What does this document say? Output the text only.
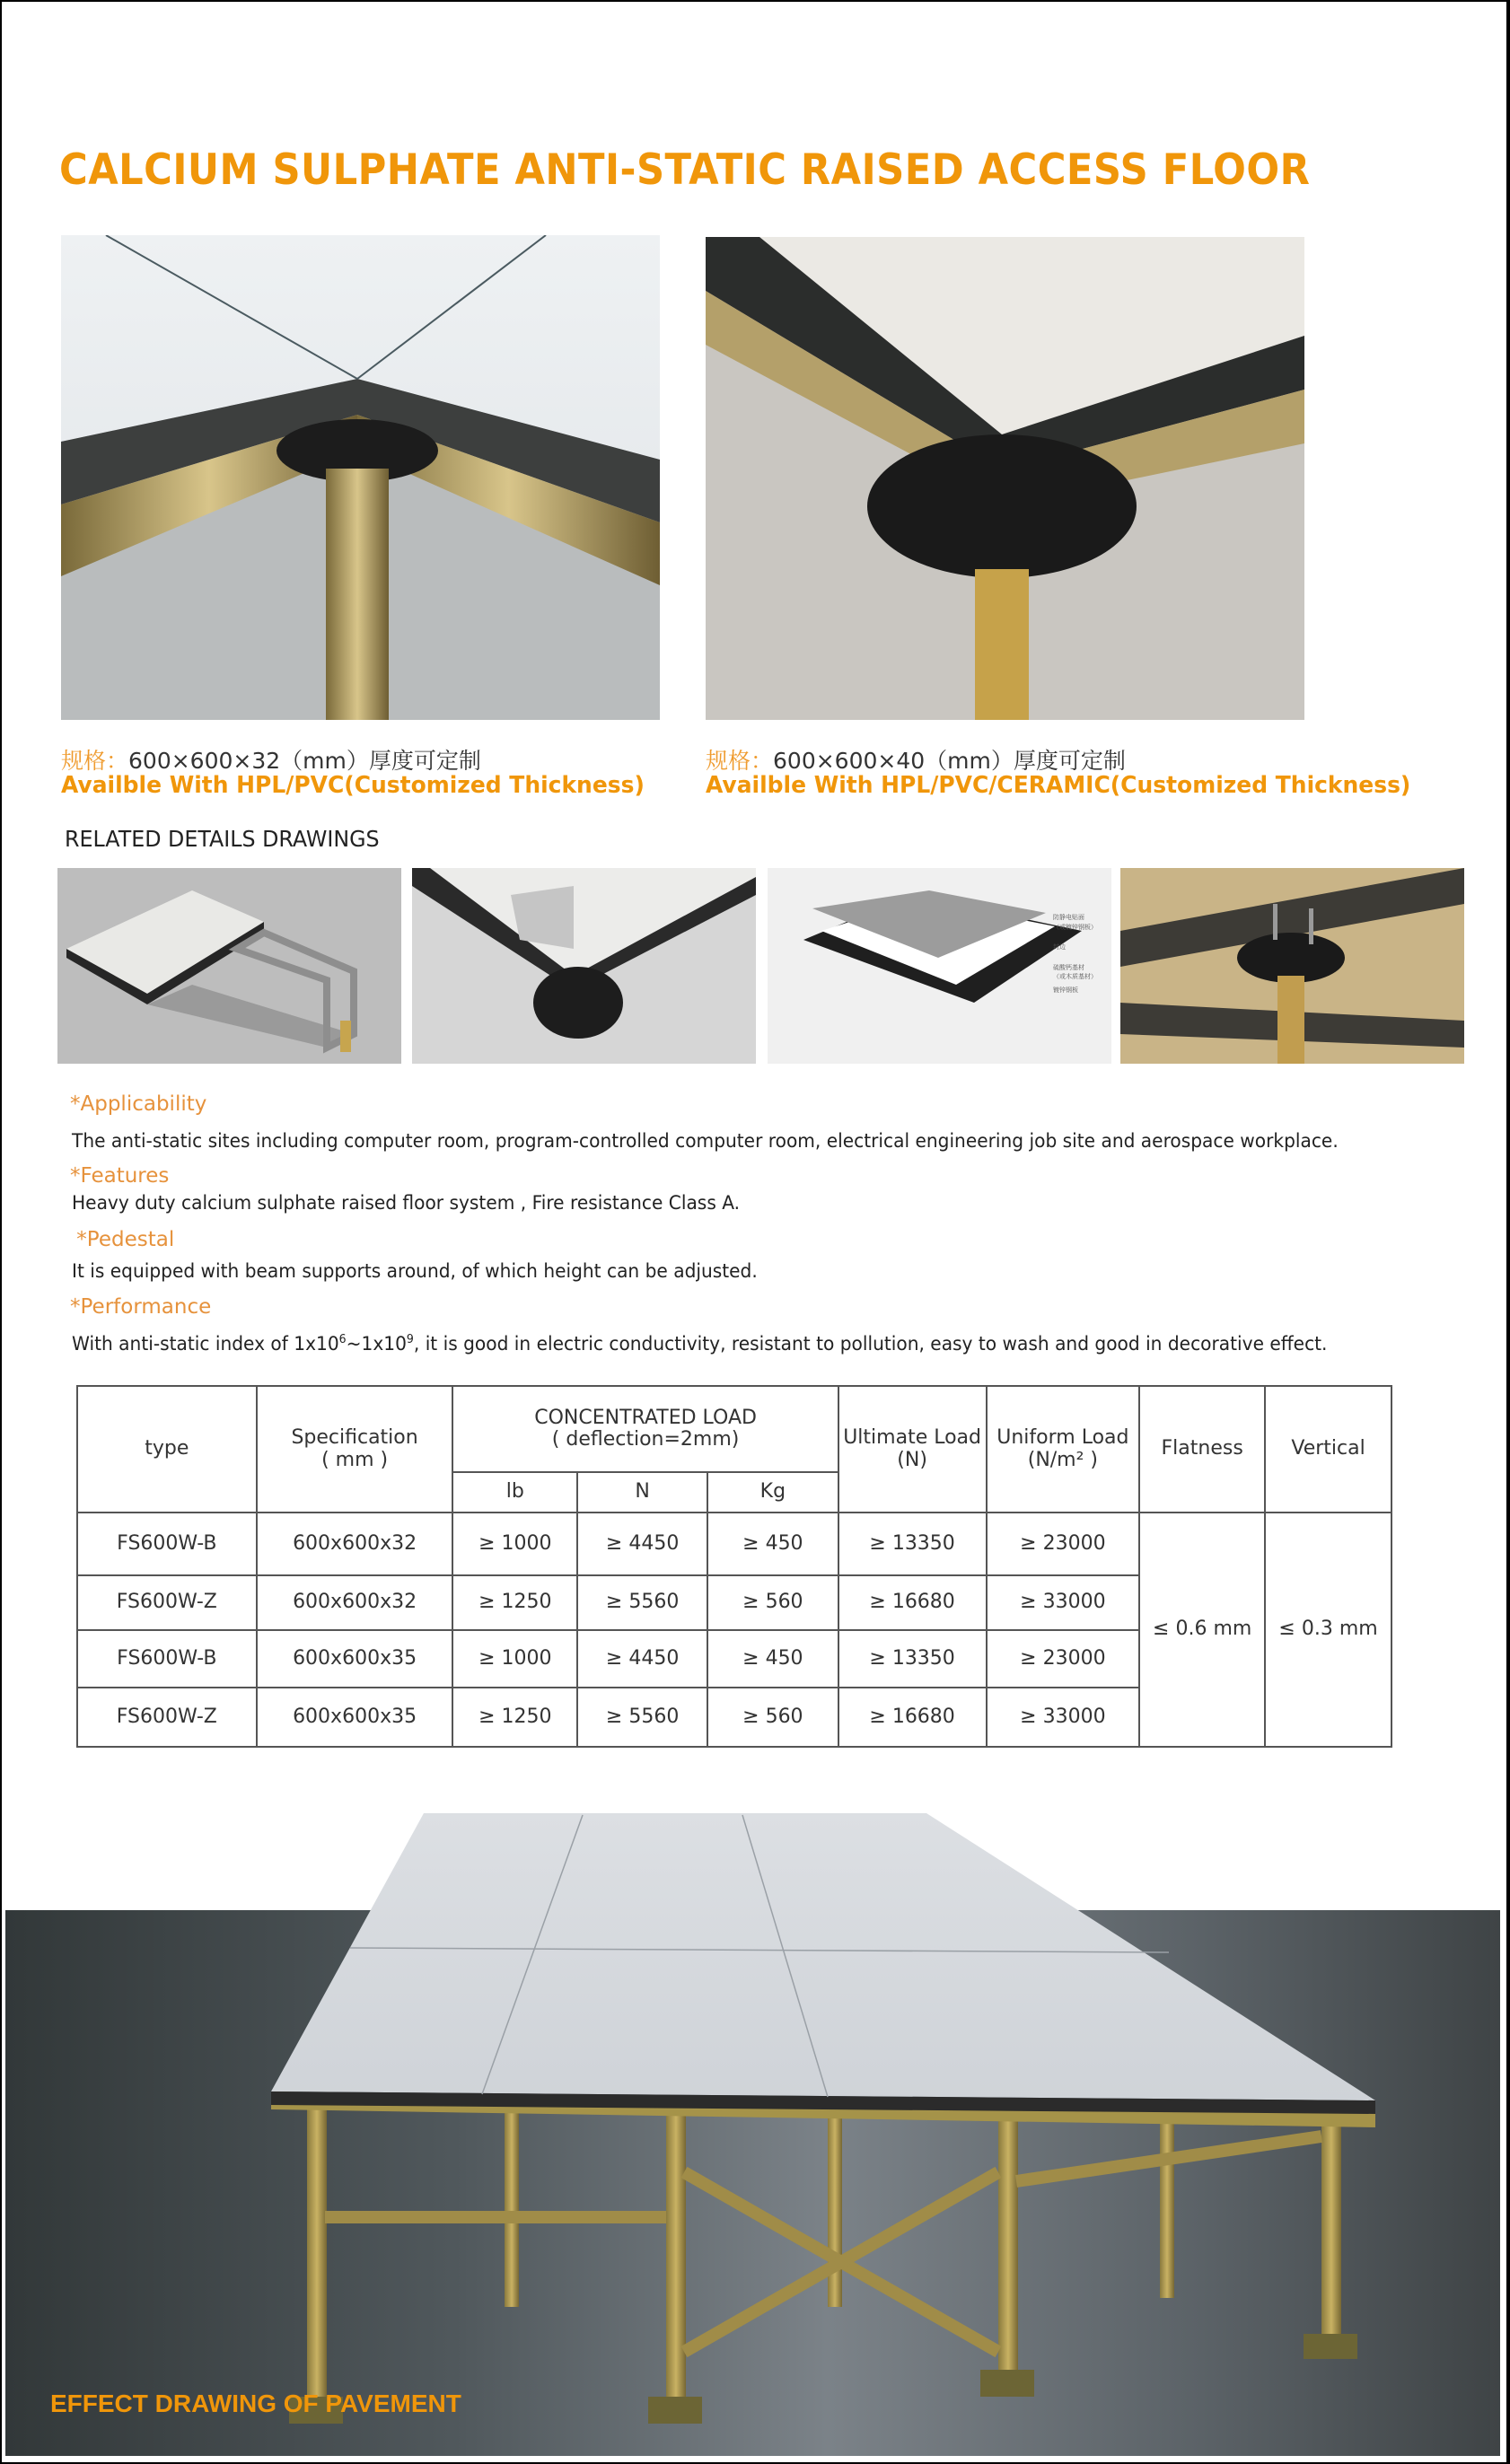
CALCIUM SULPHATE ANTI-STATIC RAISED ACCESS FLOOR
规格：600×600×32（mm）厚度可定制
Availble With HPL/PVC(Customized Thickness)
规格：600×600×40（mm）厚度可定制
Availble With HPL/PVC/CERAMIC(Customized Thickness)
RELATED DETAILS DRAWINGS
防静电贴面
（或镀锌钢板）
封边
硫酸钙基材
（或木质基材）
镀锌钢板
*Applicability
The anti-static sites including computer room, program-controlled computer room, electrical engineering job site and aerospace workplace.
*Features
Heavy duty calcium sulphate raised floor system , Fire resistance Class A.
*Pedestal
It is equipped with beam supports around, of which height can be adjusted.
*Performance
With anti-static index of $1x10^6\sim 1x10^9$, it is good in electric conductivity, resistant to pollution, easy to wash and good in decorative effect.
type	Specification
( mm )

CONCENTRATED LOAD
( deflection=2mm)	Ultimate Load
(N)

Uniform Load
(N/m² )	Flatness	Vertical
		lb	N	Kg				
FS600W-B	600x600x32	≥ 1000	≥ 4450	≥ 450	≥ 13350	≥ 23000	≤ 0.6 mm	≤ 0.3 mm
FS600W-Z	600x600x32	≥ 1250	≥ 5560	≥ 560	≥ 16680	≥ 33000		
FS600W-B	600x600x35	≥ 1000	≥ 4450	≥ 450	≥ 13350	≥ 23000		
FS600W-Z	600x600x35	≥ 1250	≥ 5560	≥ 560	≥ 16680	≥ 33000		
EFFECT DRAWING OF PAVEMENT
